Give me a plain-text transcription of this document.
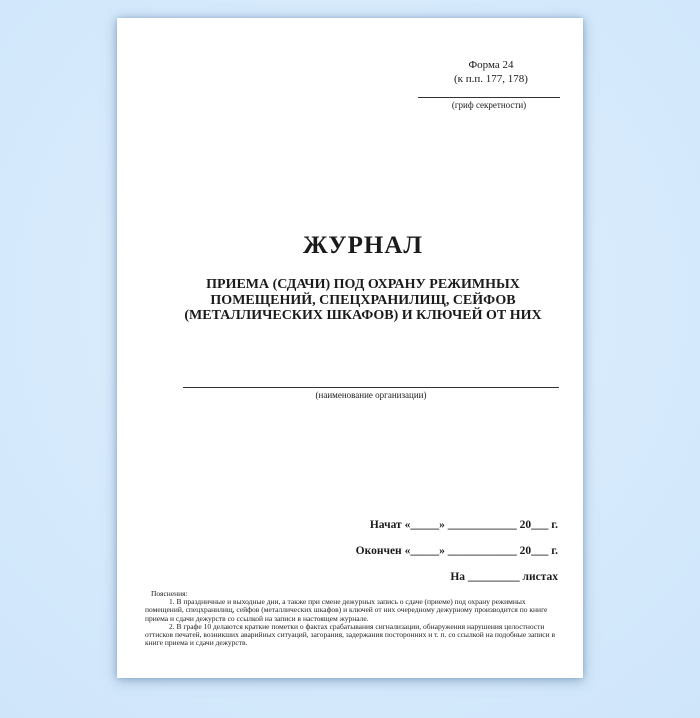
Форма 24
(к п.п. 177, 178)
(гриф секретности)
ЖУРНАЛ
ПРИЕМА (СДАЧИ) ПОД ОХРАНУ РЕЖИМНЫХ
ПОМЕЩЕНИЙ, СПЕЦХРАНИЛИЩ, СЕЙФОВ
(МЕТАЛЛИЧЕСКИХ ШКАФОВ) И КЛЮЧЕЙ ОТ НИХ
(наименование организации)
Начат «_____» ____________ 20___ г.
Окончен «_____» ____________ 20___ г.
На _________ листах

Пояснения:

1. В праздничные и выходные дни, а также при смене дежурных запись о сдаче (приеме) под охрану режимных помещений, спецхранилищ, сейфов (металлических шкафов) и ключей от них очередному дежурному производится по книге приема и сдачи дежурств со ссылкой на записи в настоящем журнале.

2. В графе 10 делаются краткие пометки о фактах срабатывания сигнализации, обнаружения нарушения целостности оттисков печатей, возникших аварийных ситуаций, загорания, задержания посторонних и т. п. со ссылкой на подобные записи в книге приема и сдачи дежурств.
